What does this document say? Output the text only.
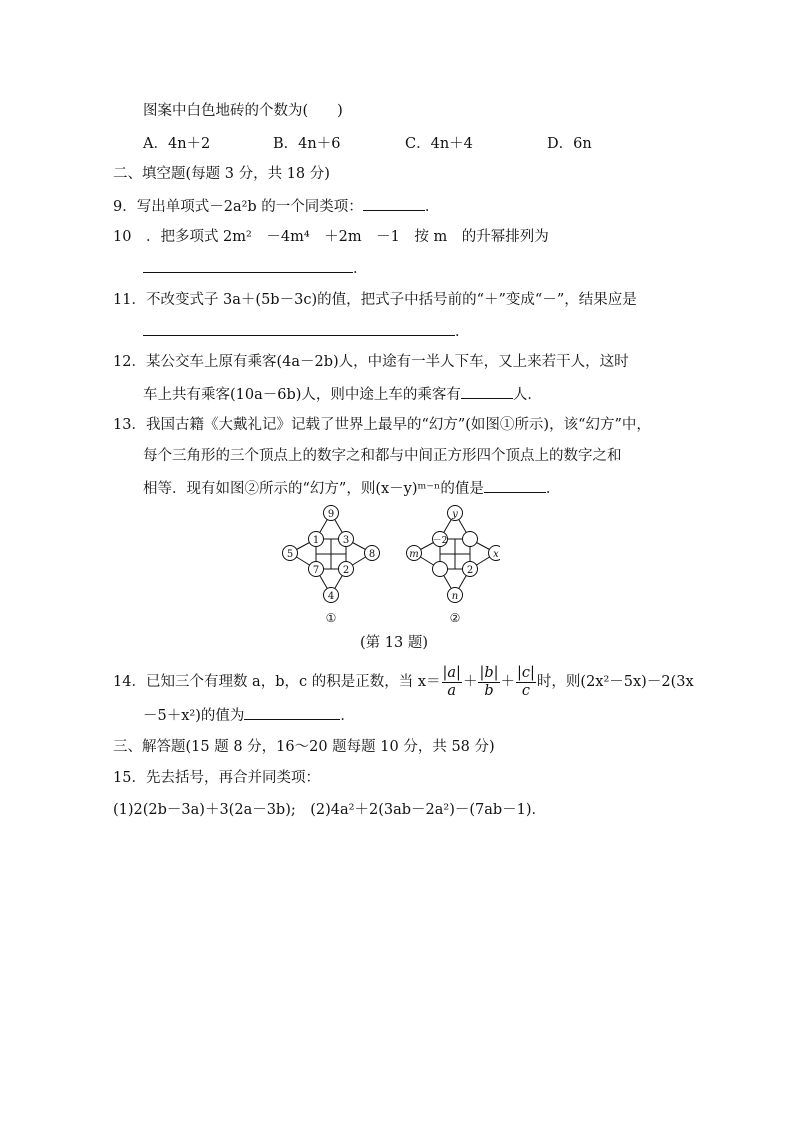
图案中白色地砖的个数为(　　)
A．4n＋2	B．4n＋6	C．4n＋4	D．6n
二、填空题(每题 3 分，共 18 分)
9．写出单项式－2a²b 的一个同类项：	．
10　．把多项式 2m²　－4m⁴　＋2m　－1　按 m　的升幂排列为
．
11．不改变式子 3a＋(5b－3c)的值，把式子中括号前的“＋”变成“－”，结果应是
．
12．某公交车上原有乘客(4a－2b)人，中途有一半人下车，又上来若干人，这时
车上共有乘客(10a－6b)人，则中途上车的乘客有	人．
13．我国古籍《大戴礼记》记载了世界上最早的“幻方”(如图①所示)，该“幻方”中，
每个三角形的三个顶点上的数字之和都与中间正方形四个顶点上的数字之和
相等．现有如图②所示的“幻方”，则(x－y)ᵐ⁻ⁿ的值是	．
9
1 3
5	8
7 2
4
①
y
－2
m	x
2
n
②
(第 13 题)
14．已知三个有理数 a，b，c 的积是正数，当 $x= \frac{|a|}{a} + \frac{|b|}{b} + \frac{|c|}{c}$ 时，则(2x²－5x)－2(3x
－5＋x²)的值为	．
三、解答题(15 题 8 分，16～20 题每题 10 分，共 58 分)
15．先去括号，再合并同类项：
(1)2(2b－3a)＋3(2a－3b);　(2)4a²＋2(3ab－2a²)－(7ab－1)．
